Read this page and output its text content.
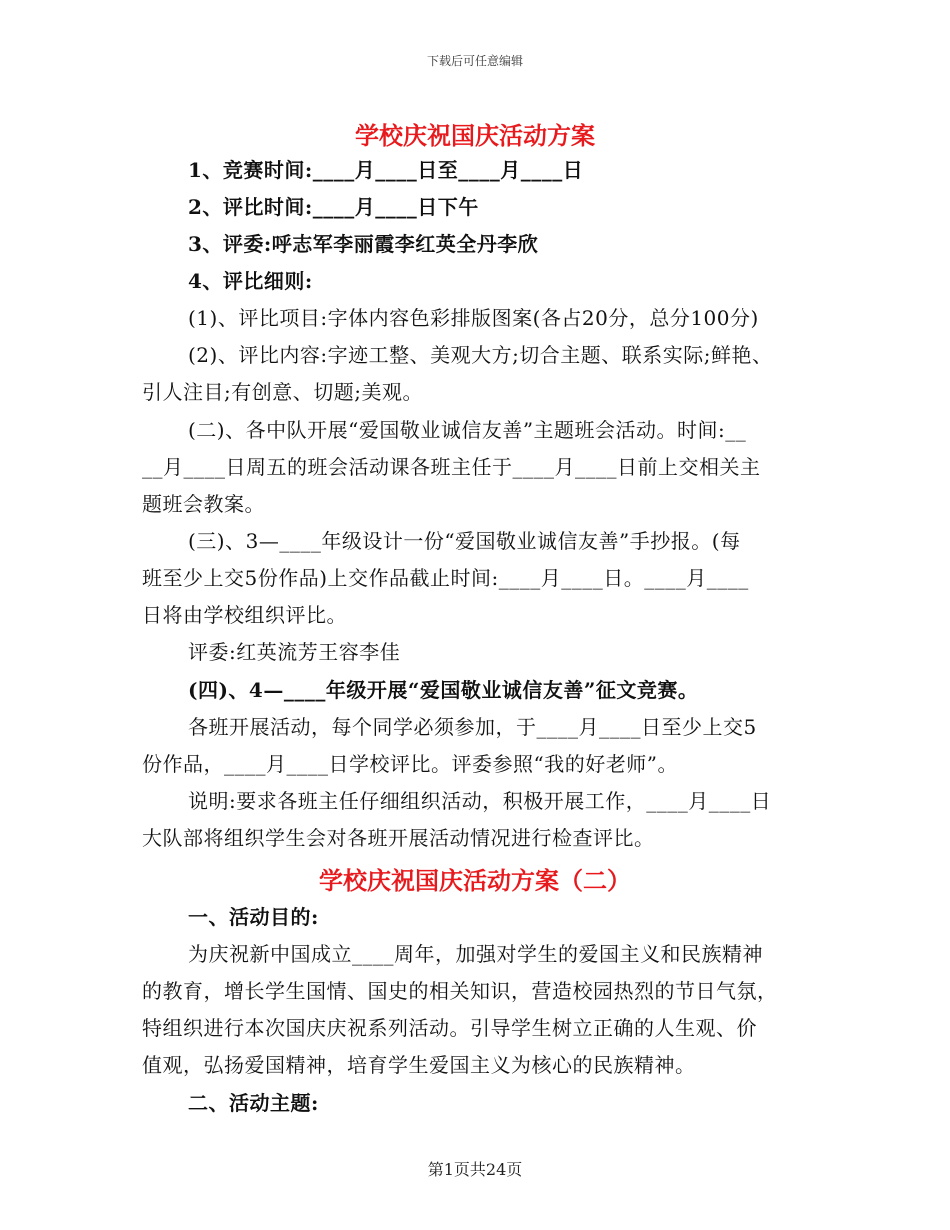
下载后可任意编辑
学校庆祝国庆活动方案
1、竞赛时间:____月____日至____月____日
2、评比时间:____月____日下午
3、评委:呼志军李丽霞李红英全丹李欣
4、评比细则:
(1)、评比项目:字体内容色彩排版图案(各占20分，总分100分)
(2)、评比内容:字迹工整、美观大方;切合主题、联系实际;鲜艳、
引人注目;有创意、切题;美观。
(二)、各中队开展“爱国敬业诚信友善”主题班会活动。时间:__
__月____日周五的班会活动课各班主任于____月____日前上交相关主
题班会教案。
(三)、3—____年级设计一份“爱国敬业诚信友善”手抄报。(每
班至少上交5份作品)上交作品截止时间:____月____日。____月____
日将由学校组织评比。
评委:红英流芳王容李佳
(四)、4—____年级开展“爱国敬业诚信友善”征文竞赛。
各班开展活动，每个同学必须参加，于____月____日至少上交5
份作品，____月____日学校评比。评委参照“我的好老师”。
说明:要求各班主任仔细组织活动，积极开展工作，____月____日
大队部将组织学生会对各班开展活动情况进行检查评比。
学校庆祝国庆活动方案（二）
一、活动目的:
为庆祝新中国成立____周年，加强对学生的爱国主义和民族精神
的教育，增长学生国情、国史的相关知识，营造校园热烈的节日气氛，
特组织进行本次国庆庆祝系列活动。引导学生树立正确的人生观、价
值观，弘扬爱国精神，培育学生爱国主义为核心的民族精神。
二、活动主题:
第1页共24页
